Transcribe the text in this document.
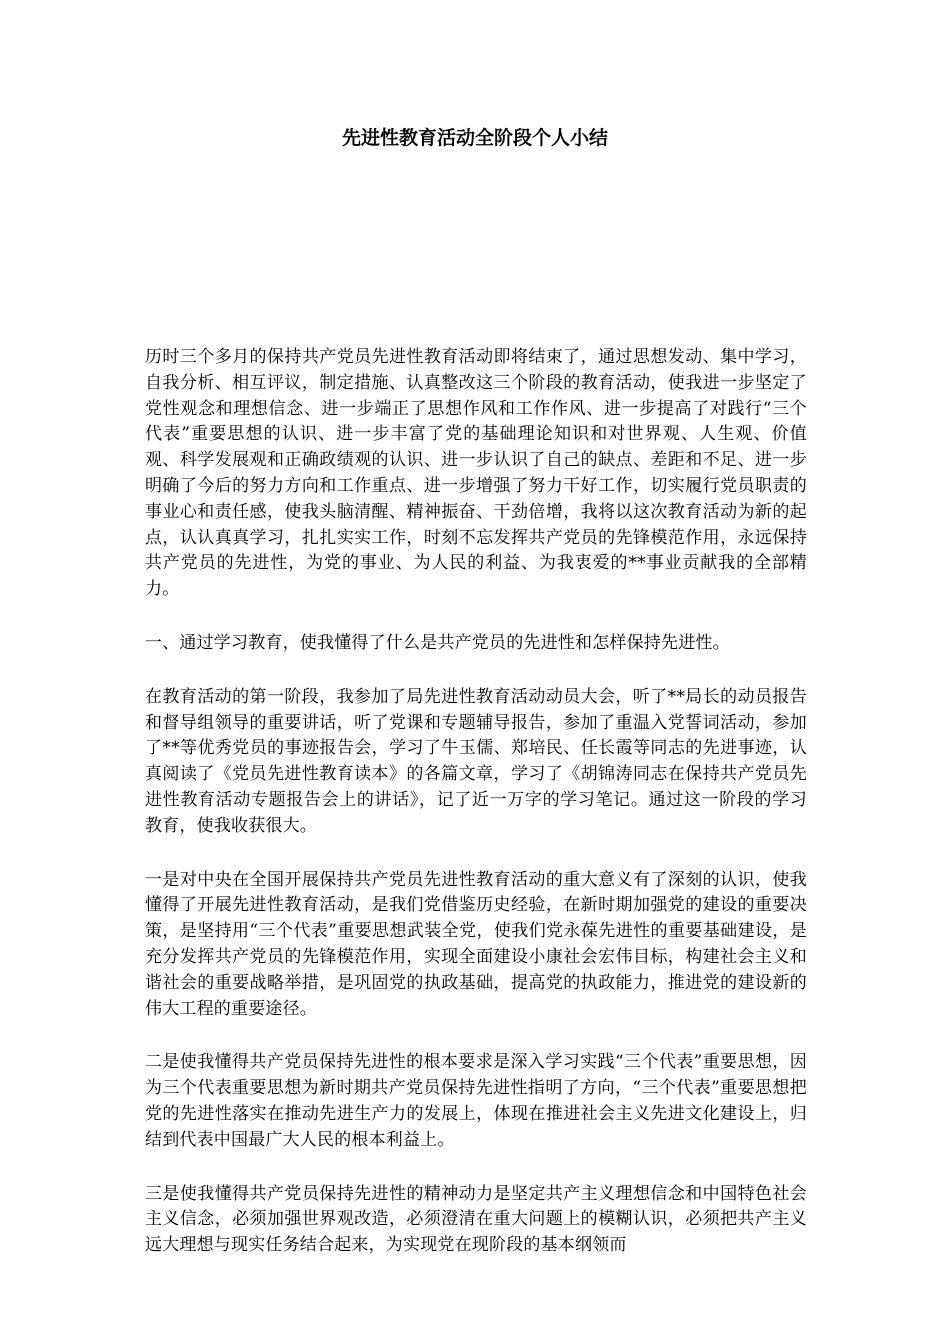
先进性教育活动全阶段个人小结

历时三个多月的保持共产党员先进性教育活动即将结束了，通过思想发动、集中学习，自我分析、相互评议，制定措施、认真整改这三个阶段的教育活动，使我进一步坚定了党性观念和理想信念、进一步端正了思想作风和工作作风、进一步提高了对践行“三个代表”重要思想的认识、进一步丰富了党的基础理论知识和对世界观、人生观、价值观、科学发展观和正确政绩观的认识、进一步认识了自己的缺点、差距和不足、进一步明确了今后的努力方向和工作重点、进一步增强了努力干好工作，切实履行党员职责的事业心和责任感，使我头脑清醒、精神振奋、干劲倍增，我将以这次教育活动为新的起点，认认真真学习，扎扎实实工作，时刻不忘发挥共产党员的先锋模范作用，永远保持共产党员的先进性，为党的事业、为人民的利益、为我衷爱的**事业贡献我的全部精力。

一、通过学习教育，使我懂得了什么是共产党员的先进性和怎样保持先进性。

在教育活动的第一阶段，我参加了局先进性教育活动动员大会，听了**局长的动员报告和督导组领导的重要讲话，听了党课和专题辅导报告，参加了重温入党誓词活动，参加了**等优秀党员的事迹报告会，学习了牛玉儒、郑培民、任长霞等同志的先进事迹，认真阅读了《党员先进性教育读本》的各篇文章，学习了《胡锦涛同志在保持共产党员先进性教育活动专题报告会上的讲话》，记了近一万字的学习笔记。通过这一阶段的学习教育，使我收获很大。

一是对中央在全国开展保持共产党员先进性教育活动的重大意义有了深刻的认识，使我懂得了开展先进性教育活动，是我们党借鉴历史经验，在新时期加强党的建设的重要决策，是坚持用“三个代表”重要思想武装全党，使我们党永葆先进性的重要基础建设，是充分发挥共产党员的先锋模范作用，实现全面建设小康社会宏伟目标，构建社会主义和谐社会的重要战略举措，是巩固党的执政基础，提高党的执政能力，推进党的建设新的伟大工程的重要途径。

二是使我懂得共产党员保持先进性的根本要求是深入学习实践“三个代表”重要思想，因为三个代表重要思想为新时期共产党员保持先进性指明了方向，“三个代表”重要思想把党的先进性落实在推动先进生产力的发展上，体现在推进社会主义先进文化建设上，归结到代表中国最广大人民的根本利益上。

三是使我懂得共产党员保持先进性的精神动力是坚定共产主义理想信念和中国特色社会主义信念，必须加强世界观改造，必须澄清在重大问题上的模糊认识，必须把共产主义远大理想与现实任务结合起来，为实现党在现阶段的基本纲领而
